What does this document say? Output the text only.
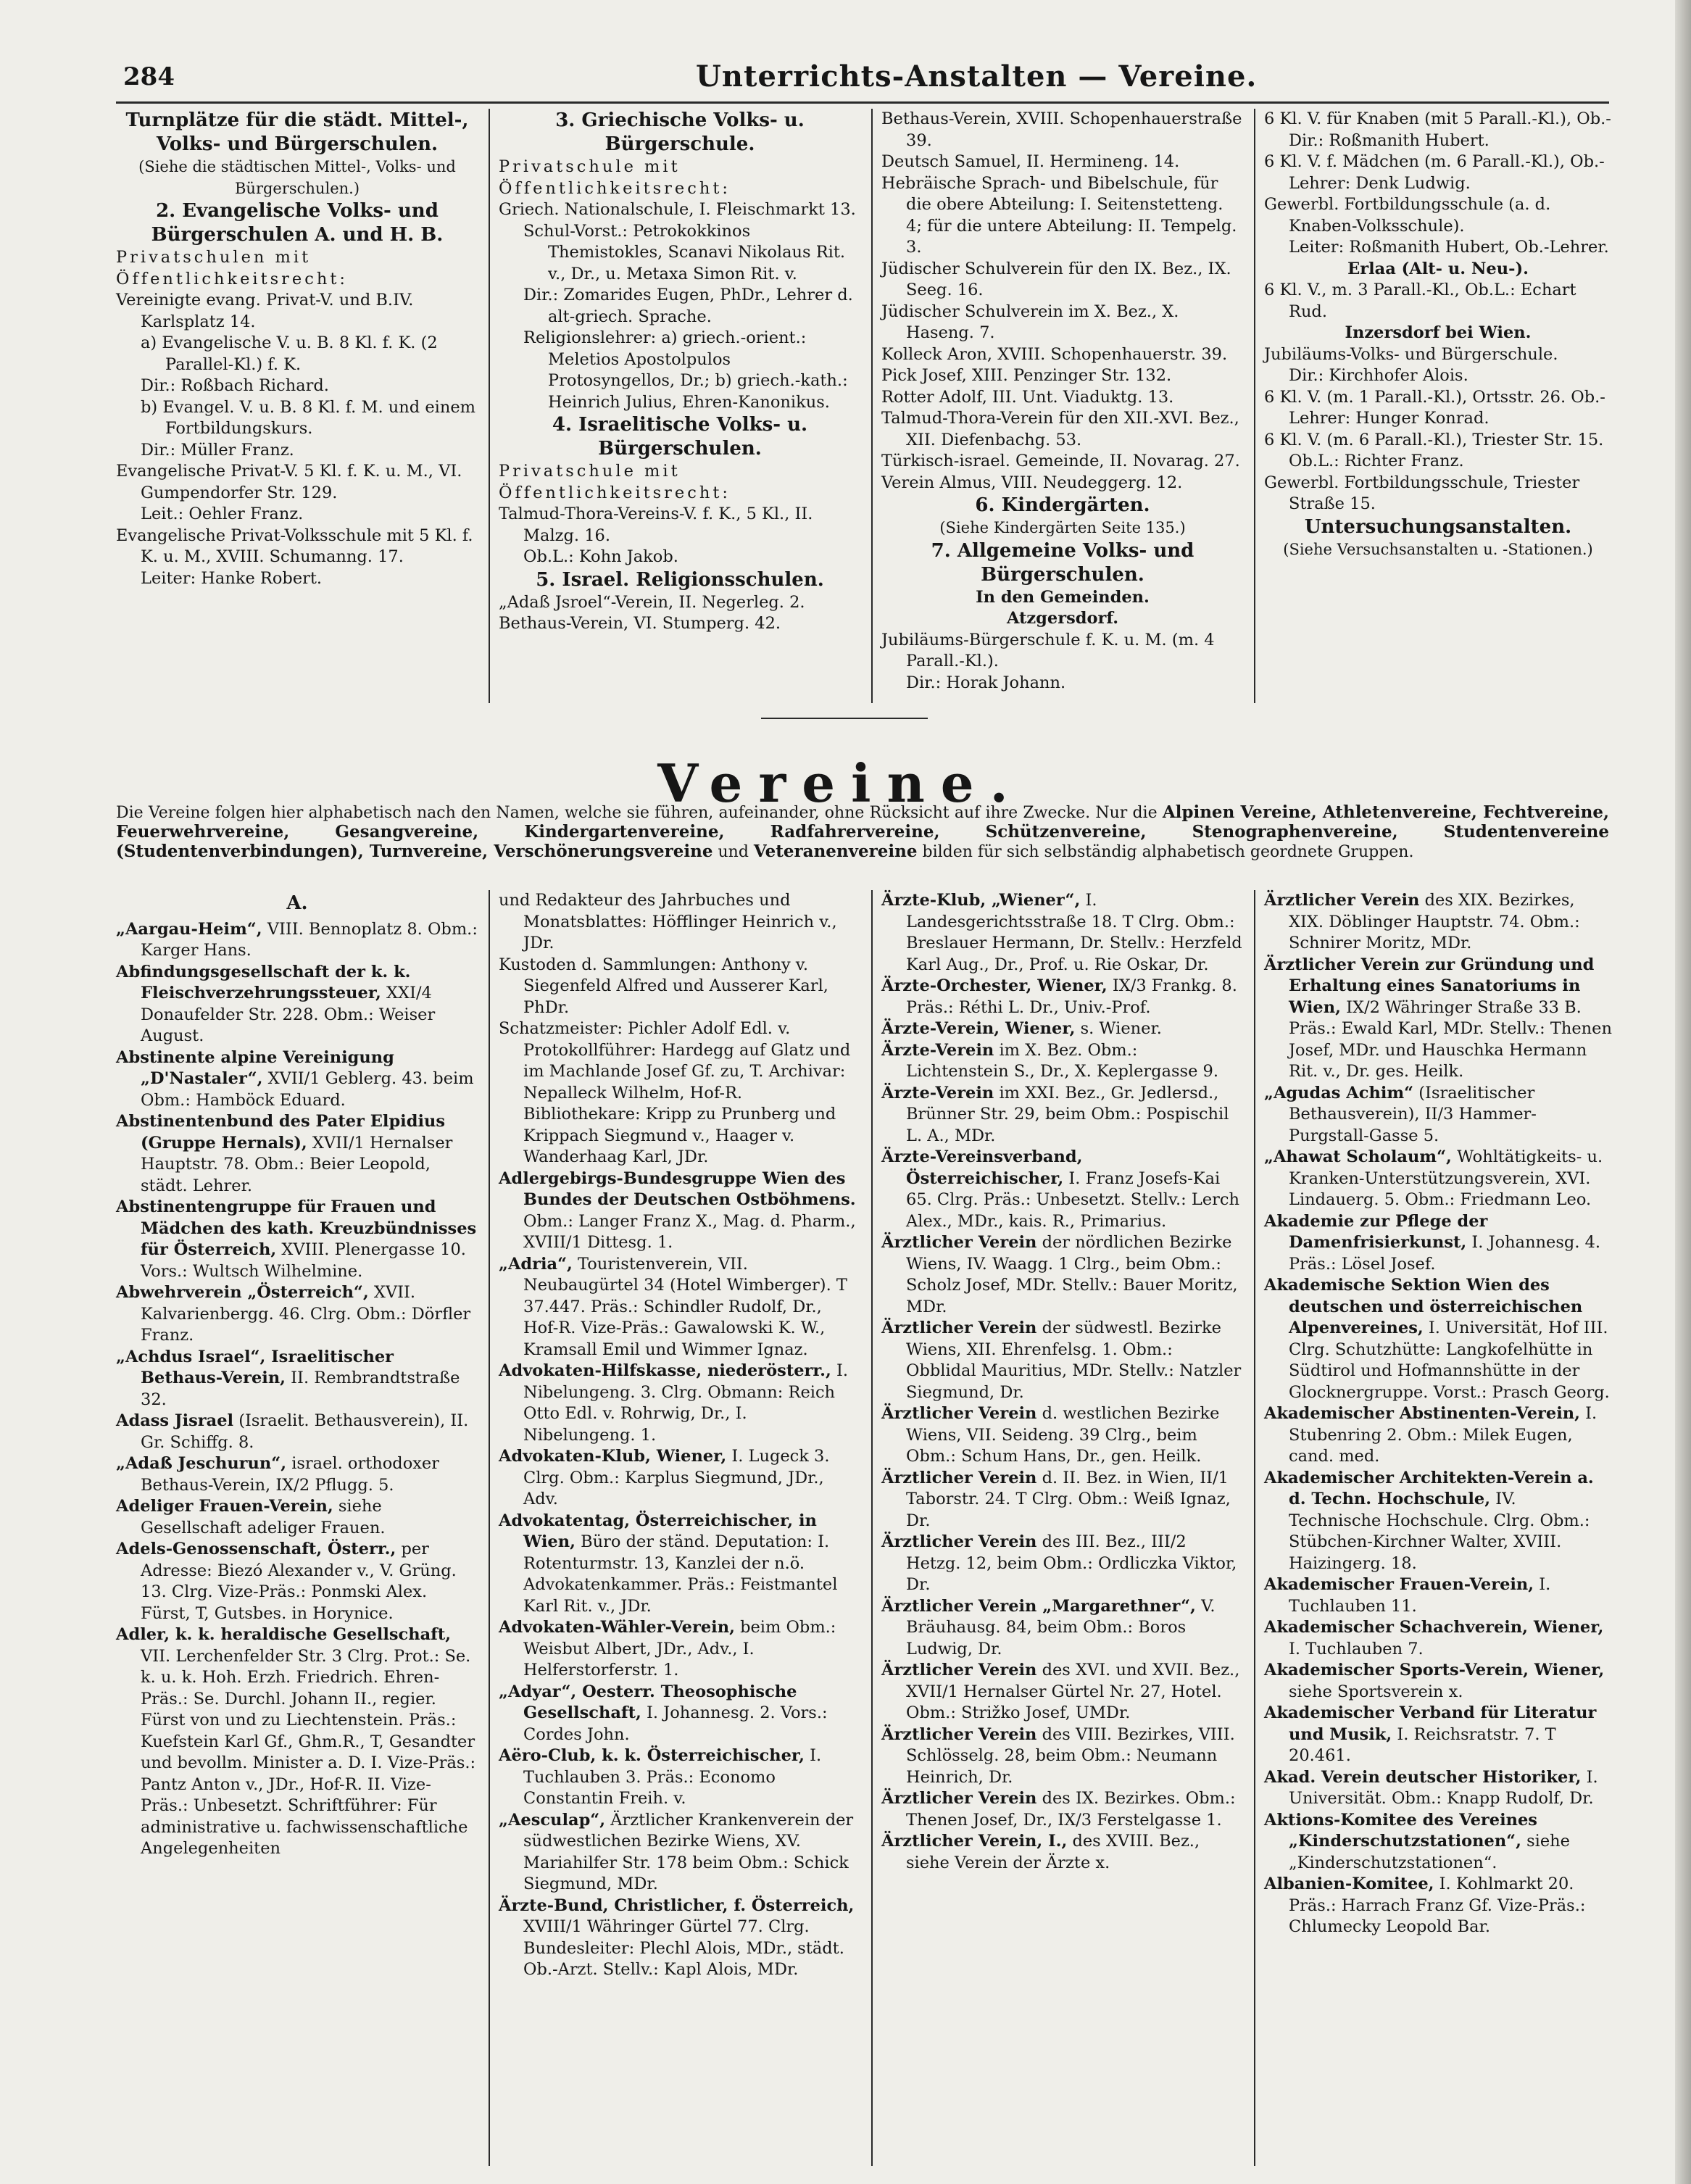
284	Unterrichts-Anstalten — Vereine.

Turnplätze für die städt. Mittel-, Volks- und Bürgerschulen.

(Siehe die städtischen Mittel-, Volks- und Bürgerschulen.)

2. Evangelische Volks- und Bürgerschulen A. und H. B.

Privatschulen mit Öffentlichkeitsrecht:

Vereinigte evang. Privat-V. und B.IV. Karlsplatz 14.

a) Evangelische V. u. B. 8 Kl. f. K. (2 Parallel-Kl.) f. K.

Dir.: Roßbach Richard.

b) Evangel. V. u. B. 8 Kl. f. M. und einem Fortbildungskurs.

Dir.: Müller Franz.

Evangelische Privat-V. 5 Kl. f. K. u. M., VI. Gumpendorfer Str. 129.

Leit.: Oehler Franz.

Evangelische Privat-Volksschule mit 5 Kl. f. K. u. M., XVIII. Schumanng. 17.

Leiter: Hanke Robert.

3. Griechische Volks- u. Bürgerschule.

Privatschule mit Öffentlichkeitsrecht:

Griech. Nationalschule, I. Fleischmarkt 13.

Schul-Vorst.: Petrokokkinos Themistokles, Scanavi Nikolaus Rit. v., Dr., u. Metaxa Simon Rit. v.

Dir.: Zomarides Eugen, PhDr., Lehrer d. alt-griech. Sprache.

Religionslehrer: a) griech.-orient.: Meletios Apostolpulos Protosyngellos, Dr.; b) griech.-kath.: Heinrich Julius, Ehren-Kanonikus.

4. Israelitische Volks- u. Bürgerschulen.

Privatschule mit Öffentlichkeitsrecht:

Talmud-Thora-Vereins-V. f. K., 5 Kl., II. Malzg. 16.

Ob.L.: Kohn Jakob.

5. Israel. Religionsschulen.

„Adaß Jsroel“-Verein, II. Negerleg. 2.

Bethaus-Verein, VI. Stumperg. 42.

Bethaus-Verein, XVIII. Schopenhauerstraße 39.

Deutsch Samuel, II. Hermineng. 14.

Hebräische Sprach- und Bibelschule, für die obere Abteilung: I. Seitenstetteng. 4; für die untere Abteilung: II. Tempelg. 3.

Jüdischer Schulverein für den IX. Bez., IX. Seeg. 16.

Jüdischer Schulverein im X. Bez., X. Haseng. 7.

Kolleck Aron, XVIII. Schopenhauerstr. 39.

Pick Josef, XIII. Penzinger Str. 132.

Rotter Adolf, III. Unt. Viaduktg. 13.

Talmud-Thora-Verein für den XII.-XVI. Bez., XII. Diefenbachg. 53.

Türkisch-israel. Gemeinde, II. Novarag. 27.

Verein Almus, VIII. Neudeggerg. 12.

6. Kindergärten.

(Siehe Kindergärten Seite 135.)

7. Allgemeine Volks- und Bürgerschulen.

In den Gemeinden.

Atzgersdorf.

Jubiläums-Bürgerschule f. K. u. M. (m. 4 Parall.-Kl.).

Dir.: Horak Johann.

6 Kl. V. für Knaben (mit 5 Parall.-Kl.), Ob.-Dir.: Roßmanith Hubert.

6 Kl. V. f. Mädchen (m. 6 Parall.-Kl.), Ob.-Lehrer: Denk Ludwig.

Gewerbl. Fortbildungsschule (a. d. Knaben-Volksschule).

Leiter: Roßmanith Hubert, Ob.-Lehrer.

Erlaa (Alt- u. Neu-).

6 Kl. V., m. 3 Parall.-Kl., Ob.L.: Echart Rud.

Inzersdorf bei Wien.

Jubiläums-Volks- und Bürgerschule.

Dir.: Kirchhofer Alois.

6 Kl. V. (m. 1 Parall.-Kl.), Ortsstr. 26. Ob.-Lehrer: Hunger Konrad.

6 Kl. V. (m. 6 Parall.-Kl.), Triester Str. 15. Ob.L.: Richter Franz.

Gewerbl. Fortbildungsschule, Triester Straße 15.

Untersuchungsanstalten.

(Siehe Versuchsanstalten u. -Stationen.)

Vereine.
Die Vereine folgen hier alphabetisch nach den Namen, welche sie führen, aufeinander, ohne Rücksicht auf ihre Zwecke. Nur die Alpinen Vereine, Athletenvereine, Fechtvereine, Feuerwehrvereine, Gesangvereine, Kindergartenvereine, Radfahrervereine, Schützenvereine, Stenographenvereine, Studentenvereine (Studentenverbindungen), Turnvereine, Verschönerungsvereine und Veteranenvereine bilden für sich selbständig alphabetisch geordnete Gruppen.

A.

„Aargau-Heim“, VIII. Bennoplatz 8. Obm.: Karger Hans.

Abfindungsgesellschaft der k. k. Fleischverzehrungssteuer, XXI/4 Donaufelder Str. 228. Obm.: Weiser August.

Abstinente alpine Vereinigung „D'Nastaler“, XVII/1 Geblerg. 43. beim Obm.: Hamböck Eduard.

Abstinentenbund des Pater Elpidius (Gruppe Hernals), XVII/1 Hernalser Hauptstr. 78. Obm.: Beier Leopold, städt. Lehrer.

Abstinentengruppe für Frauen und Mädchen des kath. Kreuzbündnisses für Österreich, XVIII. Plenergasse 10. Vors.: Wultsch Wilhelmine.

Abwehrverein „Österreich“, XVII. Kalvarienbergg. 46. Clrg. Obm.: Dörfler Franz.

„Achdus Israel“, Israelitischer Bethaus-Verein, II. Rembrandtstraße 32.

Adass Jisrael (Israelit. Bethausverein), II. Gr. Schiffg. 8.

„Adaß Jeschurun“, israel. orthodoxer Bethaus-Verein, IX/2 Pflugg. 5.

Adeliger Frauen-Verein, siehe Gesellschaft adeliger Frauen.

Adels-Genossenschaft, Österr., per Adresse: Biezó Alexander v., V. Grüng. 13. Clrg. Vize-Präs.: Ponmski Alex. Fürst, T, Gutsbes. in Horynice.

Adler, k. k. heraldische Gesellschaft, VII. Lerchenfelder Str. 3 Clrg. Prot.: Se. k. u. k. Hoh. Erzh. Friedrich. Ehren-Präs.: Se. Durchl. Johann II., regier. Fürst von und zu Liechtenstein. Präs.: Kuefstein Karl Gf., Ghm.R., T, Gesandter und bevollm. Minister a. D. I. Vize-Präs.: Pantz Anton v., JDr., Hof-R. II. Vize-Präs.: Unbesetzt. Schriftführer: Für administrative u. fachwissenschaftliche Angelegenheiten

und Redakteur des Jahrbuches und Monatsblattes: Höfflinger Heinrich v., JDr.

Kustoden d. Sammlungen: Anthony v. Siegenfeld Alfred und Ausserer Karl, PhDr.

Schatzmeister: Pichler Adolf Edl. v. Protokollführer: Hardegg auf Glatz und im Machlande Josef Gf. zu, T. Archivar: Nepalleck Wilhelm, Hof-R. Bibliothekare: Kripp zu Prunberg und Krippach Siegmund v., Haager v. Wanderhaag Karl, JDr.

Adlergebirgs-Bundesgruppe Wien des Bundes der Deutschen Ostböhmens. Obm.: Langer Franz X., Mag. d. Pharm., XVIII/1 Dittesg. 1.

„Adria“, Touristenverein, VII. Neubaugürtel 34 (Hotel Wimberger). T 37.447. Präs.: Schindler Rudolf, Dr., Hof-R. Vize-Präs.: Gawalowski K. W., Kramsall Emil und Wimmer Ignaz.

Advokaten-Hilfskasse, niederösterr., I. Nibelungeng. 3. Clrg. Obmann: Reich Otto Edl. v. Rohrwig, Dr., I. Nibelungeng. 1.

Advokaten-Klub, Wiener, I. Lugeck 3. Clrg. Obm.: Karplus Siegmund, JDr., Adv.

Advokatentag, Österreichischer, in Wien, Büro der ständ. Deputation: I. Rotenturmstr. 13, Kanzlei der n.ö. Advokatenkammer. Präs.: Feistmantel Karl Rit. v., JDr.

Advokaten-Wähler-Verein, beim Obm.: Weisbut Albert, JDr., Adv., I. Helferstorferstr. 1.

„Adyar“, Oesterr. Theosophische Gesellschaft, I. Johannesg. 2. Vors.: Cordes John.

Aëro-Club, k. k. Österreichischer, I. Tuchlauben 3. Präs.: Economo Constantin Freih. v.

„Aesculap“, Ärztlicher Krankenverein der südwestlichen Bezirke Wiens, XV. Mariahilfer Str. 178 beim Obm.: Schick Siegmund, MDr.

Ärzte-Bund, Christlicher, f. Österreich, XVIII/1 Währinger Gürtel 77. Clrg. Bundesleiter: Plechl Alois, MDr., städt. Ob.-Arzt. Stellv.: Kapl Alois, MDr.

Ärzte-Klub, „Wiener“, I. Landesgerichtsstraße 18. T Clrg. Obm.: Breslauer Hermann, Dr. Stellv.: Herzfeld Karl Aug., Dr., Prof. u. Rie Oskar, Dr.

Ärzte-Orchester, Wiener, IX/3 Frankg. 8. Präs.: Réthi L. Dr., Univ.-Prof.

Ärzte-Verein, Wiener, s. Wiener.

Ärzte-Verein im X. Bez. Obm.: Lichtenstein S., Dr., X. Keplergasse 9.

Ärzte-Verein im XXI. Bez., Gr. Jedlersd., Brünner Str. 29, beim Obm.: Pospischil L. A., MDr.

Ärzte-Vereinsverband, Österreichischer, I. Franz Josefs-Kai 65. Clrg. Präs.: Unbesetzt. Stellv.: Lerch Alex., MDr., kais. R., Primarius.

Ärztlicher Verein der nördlichen Bezirke Wiens, IV. Waagg. 1 Clrg., beim Obm.: Scholz Josef, MDr. Stellv.: Bauer Moritz, MDr.

Ärztlicher Verein der südwestl. Bezirke Wiens, XII. Ehrenfelsg. 1. Obm.: Obblidal Mauritius, MDr. Stellv.: Natzler Siegmund, Dr.

Ärztlicher Verein d. westlichen Bezirke Wiens, VII. Seideng. 39 Clrg., beim Obm.: Schum Hans, Dr., gen. Heilk.

Ärztlicher Verein d. II. Bez. in Wien, II/1 Taborstr. 24. T Clrg. Obm.: Weiß Ignaz, Dr.

Ärztlicher Verein des III. Bez., III/2 Hetzg. 12, beim Obm.: Ordliczka Viktor, Dr.

Ärztlicher Verein „Margarethner“, V. Bräuhausg. 84, beim Obm.: Boros Ludwig, Dr.

Ärztlicher Verein des XVI. und XVII. Bez., XVII/1 Hernalser Gürtel Nr. 27, Hotel. Obm.: Strižko Josef, UMDr.

Ärztlicher Verein des VIII. Bezirkes, VIII. Schlösselg. 28, beim Obm.: Neumann Heinrich, Dr.

Ärztlicher Verein des IX. Bezirkes. Obm.: Thenen Josef, Dr., IX/3 Ferstelgasse 1.

Ärztlicher Verein, I., des XVIII. Bez., siehe Verein der Ärzte x.

Ärztlicher Verein des XIX. Bezirkes, XIX. Döblinger Hauptstr. 74. Obm.: Schnirer Moritz, MDr.

Ärztlicher Verein zur Gründung und Erhaltung eines Sanatoriums in Wien, IX/2 Währinger Straße 33 B. Präs.: Ewald Karl, MDr. Stellv.: Thenen Josef, MDr. und Hauschka Hermann Rit. v., Dr. ges. Heilk.

„Agudas Achim“ (Israelitischer Bethausverein), II/3 Hammer-Purgstall-Gasse 5.

„Ahawat Scholaum“, Wohltätigkeits- u. Kranken-Unterstützungsverein, XVI. Lindauerg. 5. Obm.: Friedmann Leo.

Akademie zur Pflege der Damenfrisierkunst, I. Johannesg. 4. Präs.: Lösel Josef.

Akademische Sektion Wien des deutschen und österreichischen Alpenvereines, I. Universität, Hof III. Clrg. Schutzhütte: Langkofelhütte in Südtirol und Hofmannshütte in der Glocknergruppe. Vorst.: Prasch Georg.

Akademischer Abstinenten-Verein, I. Stubenring 2. Obm.: Milek Eugen, cand. med.

Akademischer Architekten-Verein a. d. Techn. Hochschule, IV. Technische Hochschule. Clrg. Obm.: Stübchen-Kirchner Walter, XVIII. Haizingerg. 18.

Akademischer Frauen-Verein, I. Tuchlauben 11.

Akademischer Schachverein, Wiener, I. Tuchlauben 7.

Akademischer Sports-Verein, Wiener, siehe Sportsverein x.

Akademischer Verband für Literatur und Musik, I. Reichsratstr. 7. T 20.461.

Akad. Verein deutscher Historiker, I. Universität. Obm.: Knapp Rudolf, Dr.

Aktions-Komitee des Vereines „Kinderschutzstationen“, siehe „Kinderschutzstationen“.

Albanien-Komitee, I. Kohlmarkt 20. Präs.: Harrach Franz Gf. Vize-Präs.: Chlumecky Leopold Bar.
